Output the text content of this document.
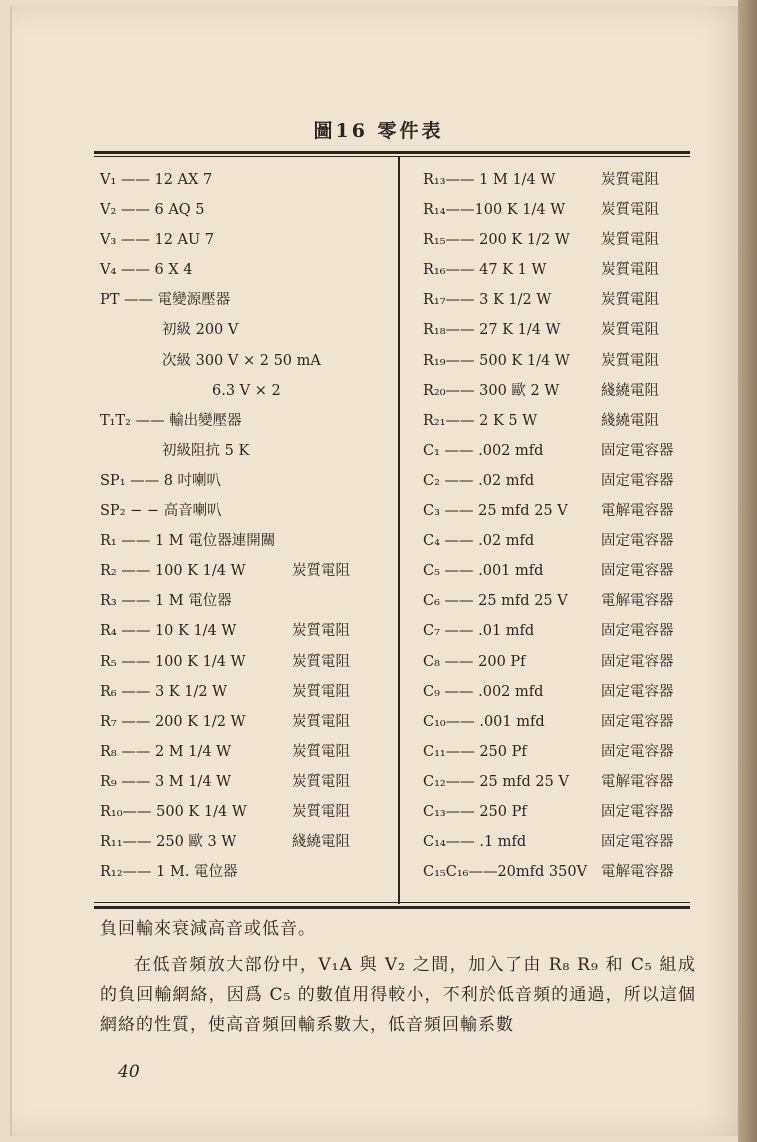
圖16 零件表
V₁ —— 12 AX 7
V₂ —— 6 AQ 5
V₃ —— 12 AU 7
V₄ —— 6 X 4
PT —— 電變源壓器
初級 200 V
次級 300 V × 2 50 mA
6.3 V × 2
T₁T₂ —— 輸出變壓器
初級阻抗 5 K
SP₁ —— 8 吋喇叭
SP₂ − − 高音喇叭
R₁ —— 1 M 電位器連開關
R₂ —— 100 K 1/4 W	炭質電阻
R₃ —— 1 M 電位器
R₄ —— 10 K 1/4 W	炭質電阻
R₅ —— 100 K 1/4 W	炭質電阻
R₆ —— 3 K 1/2 W	炭質電阻
R₇ —— 200 K 1/2 W	炭質電阻
R₈ —— 2 M 1/4 W	炭質電阻
R₉ —— 3 M 1/4 W	炭質電阻
R₁₀—— 500 K 1/4 W	炭質電阻
R₁₁—— 250 歐 3 W	綫繞電阻
R₁₂—— 1 M. 電位器
R₁₃—— 1 M 1/4 W	炭質電阻
R₁₄——100 K 1/4 W 炭質電阻
R₁₅—— 200 K 1/2 W 炭質電阻
R₁₆—— 47 K 1 W	炭質電阻
R₁₇—— 3 K 1/2 W	炭質電阻
R₁₈—— 27 K 1/4 W	炭質電阻
R₁₉—— 500 K 1/4 W 炭質電阻
R₂₀—— 300 歐 2 W	綫繞電阻
R₂₁—— 2 K 5 W	綫繞電阻
C₁ —— .002 mfd	固定電容器
C₂ —— .02 mfd	固定電容器
C₃ —— 25 mfd 25 V 電解電容器
C₄ —— .02 mfd	固定電容器
C₅ —— .001 mfd	固定電容器
C₆ —— 25 mfd 25 V 電解電容器
C₇ —— .01 mfd	固定電容器
C₈ —— 200 Pf	固定電容器
C₉ —— .002 mfd	固定電容器
C₁₀—— .001 mfd	固定電容器
C₁₁—— 250 Pf	固定電容器
C₁₂—— 25 mfd 25 V 電解電容器
C₁₃—— 250 Pf	固定電容器
C₁₄—— .1 mfd	固定電容器
C₁₅C₁₆——20mfd 350V 電解電容器
負回輸來衰減高音或低音。
在低音頻放大部份中，V₁A 與 V₂ 之間，加入了由 R₈ R₉ 和 C₅ 組成的負回輸網絡，因爲 C₅ 的數值用得較小，不利於低音頻的通過，所以這個網絡的性質，使高音頻回輸系數大，低音頻回輸系數
40
